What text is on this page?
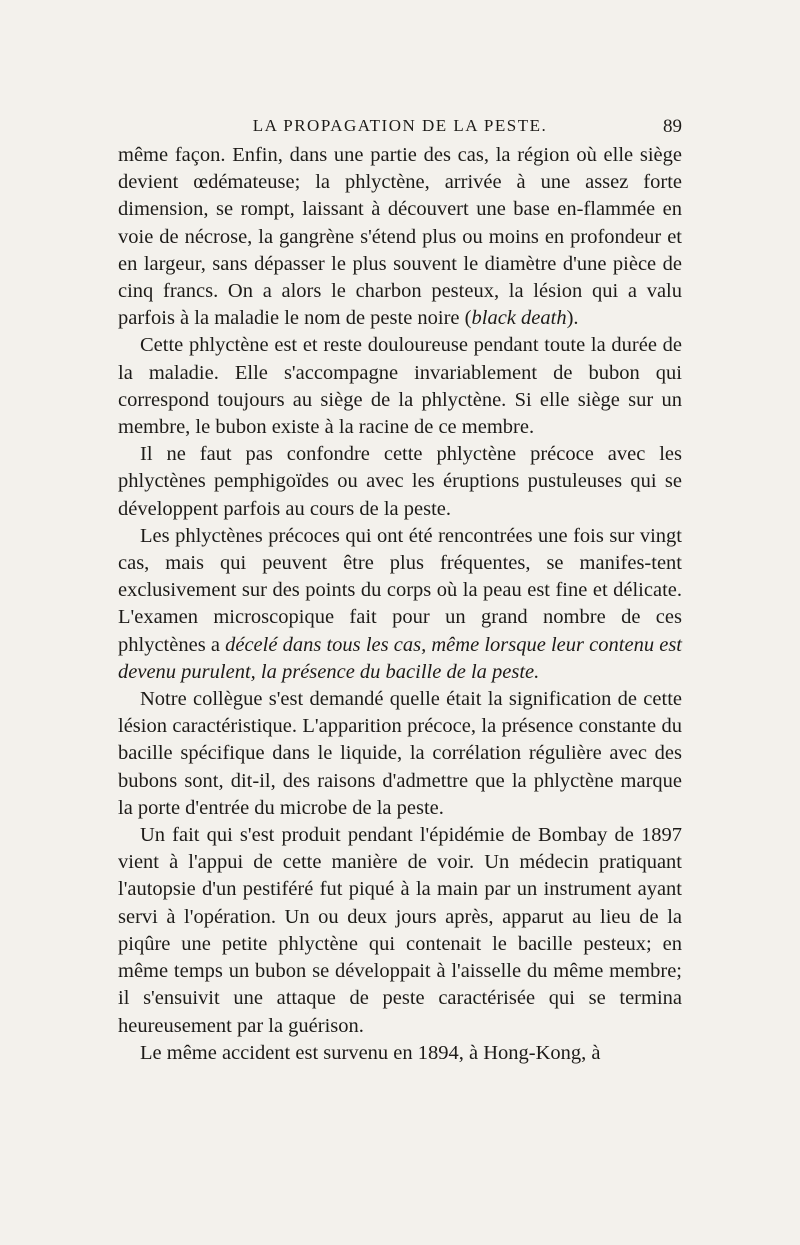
LA PROPAGATION DE LA PESTE.	89

même façon. Enfin, dans une partie des cas, la région où elle siège devient œdémateuse; la phlyctène, arrivée à une assez forte dimension, se rompt, laissant à découvert une base en-flammée en voie de nécrose, la gangrène s'étend plus ou moins en profondeur et en largeur, sans dépasser le plus souvent le diamètre d'une pièce de cinq francs. On a alors le charbon pesteux, la lésion qui a valu parfois à la maladie le nom de peste noire (black death).

Cette phlyctène est et reste douloureuse pendant toute la durée de la maladie. Elle s'accompagne invariablement de bubon qui correspond toujours au siège de la phlyctène. Si elle siège sur un membre, le bubon existe à la racine de ce membre.

Il ne faut pas confondre cette phlyctène précoce avec les phlyctènes pemphigoïdes ou avec les éruptions pustuleuses qui se développent parfois au cours de la peste.

Les phlyctènes précoces qui ont été rencontrées une fois sur vingt cas, mais qui peuvent être plus fréquentes, se manifes-tent exclusivement sur des points du corps où la peau est fine et délicate. L'examen microscopique fait pour un grand nombre de ces phlyctènes a décelé dans tous les cas, même lorsque leur contenu est devenu purulent, la présence du bacille de la peste.

Notre collègue s'est demandé quelle était la signification de cette lésion caractéristique. L'apparition précoce, la présence constante du bacille spécifique dans le liquide, la corrélation régulière avec des bubons sont, dit-il, des raisons d'admettre que la phlyctène marque la porte d'entrée du microbe de la peste.

Un fait qui s'est produit pendant l'épidémie de Bombay de 1897 vient à l'appui de cette manière de voir. Un médecin pratiquant l'autopsie d'un pestiféré fut piqué à la main par un instrument ayant servi à l'opération. Un ou deux jours après, apparut au lieu de la piqûre une petite phlyctène qui contenait le bacille pesteux; en même temps un bubon se développait à l'aisselle du même membre; il s'ensuivit une attaque de peste caractérisée qui se termina heureusement par la guérison.

Le même accident est survenu en 1894, à Hong-Kong, à
